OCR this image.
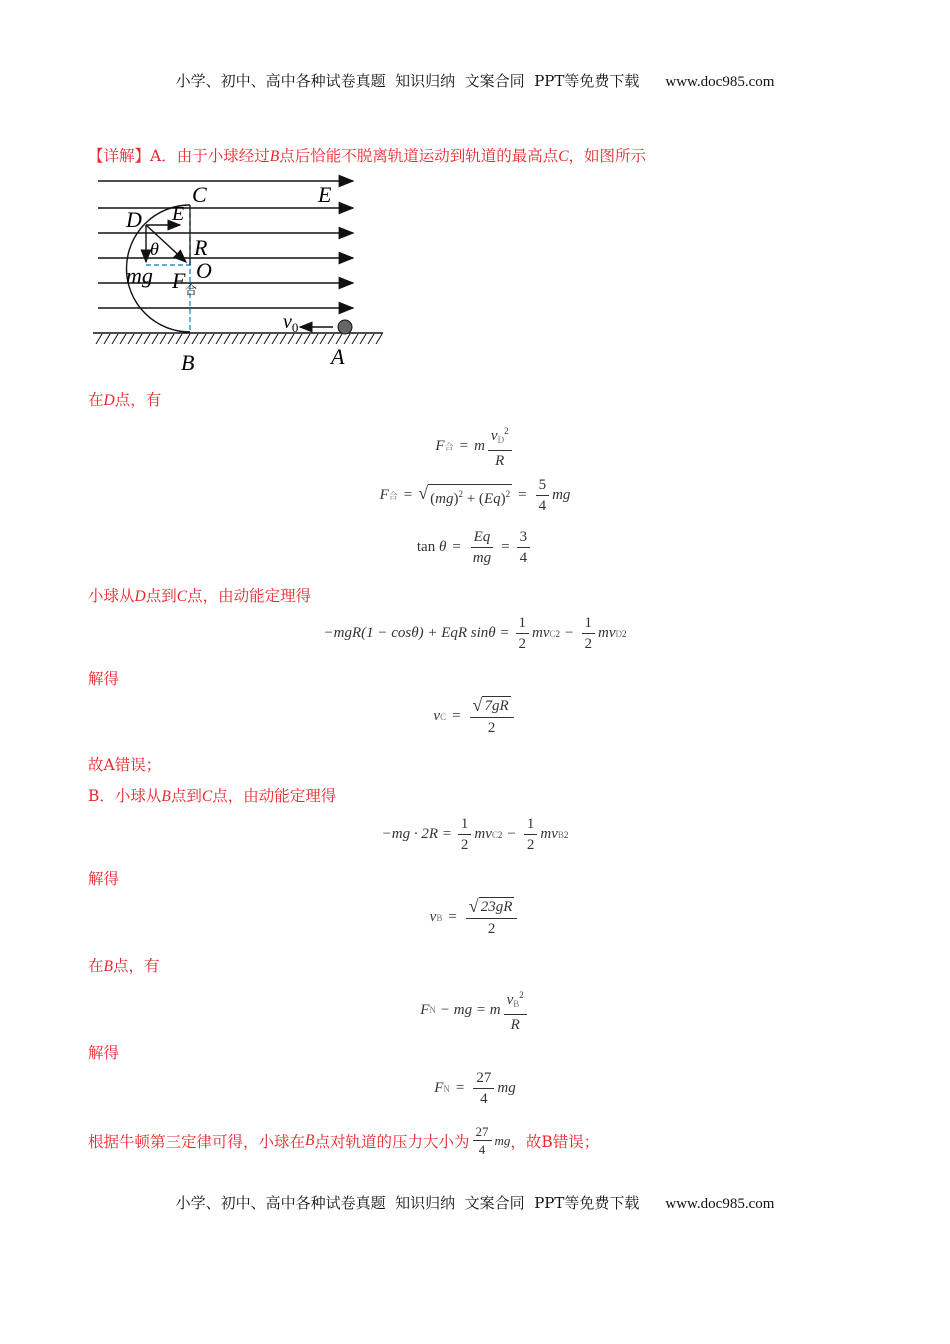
小学、初中、高中各种试卷真题  知识归纳  文案合同  PPT等免费下载 www.doc985.com
【详解】A．由于小球经过B点后恰能不脱离轨道运动到轨道的最高点C，如图所示
C	E
D E
θ R
mg F 合
O
$v_0$
B	A
在D点，有
F 合 = m $\frac{v_D^2}{R}$
F 合 = √ $(mg)^2 + (Eq)^2 = \frac{5}{4}$ mg
tan
$\theta = \frac{Eq}{mg} = \frac{3}{4}$
小球从D点到C点，由动能定理得
−mgR(1 − cosθ) + EqR $\sin\theta = \frac{1}{2}$ mv C $2 - \frac{1}{2}$ mv D 2
解得
v $C = \frac{√ 7gR}{2}$
故A错误；
B．小球从B点到C点，由动能定理得
$-mg \cdot 2R = \frac{1}{2}$ mv C $2 - \frac{1}{2}$ mv B 2
解得
v $B = \frac{√ 23gR}{2}$
在B点，有
F N − mg = m $\frac{v_B^2}{R}$
解得
F $N = \frac{27}{4}$ mg
根据牛顿第三定律可得，小球在 B 点对轨道的压力大小为 $\frac{27}{4}$ mg ，故B错误；
小学、初中、高中各种试卷真题  知识归纳  文案合同  PPT等免费下载 www.doc985.com
